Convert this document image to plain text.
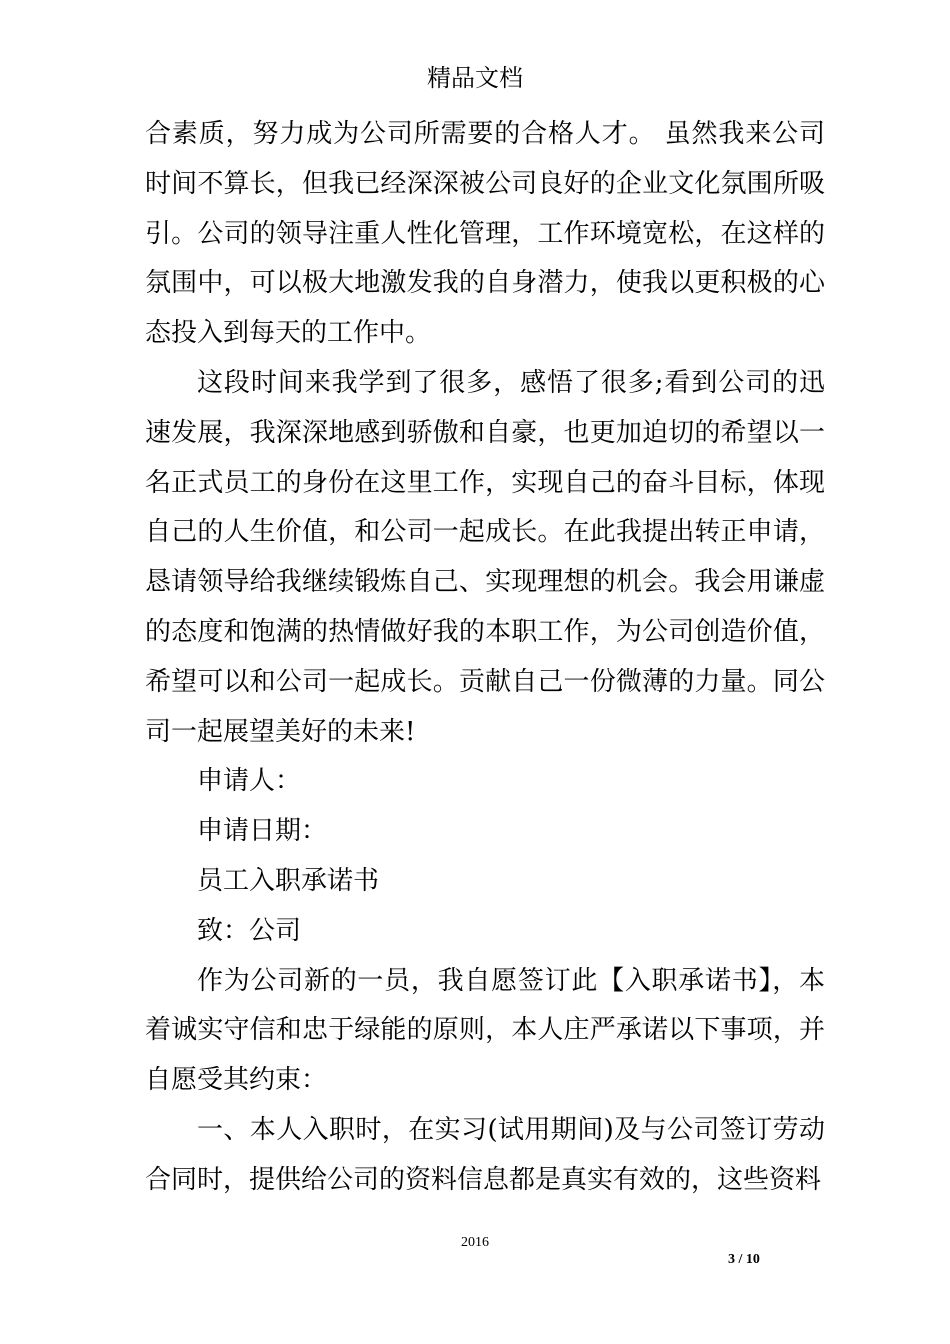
精品文档

合素质，努力成为公司所需要的合格人才。 虽然我来公司时间不算长，但我已经深深被公司良好的企业文化氛围所吸引。公司的领导注重人性化管理，工作环境宽松，在这样的氛围中，可以极大地激发我的自身潜力，使我以更积极的心态投入到每天的工作中。

这段时间来我学到了很多，感悟了很多;看到公司的迅速发展，我深深地感到骄傲和自豪，也更加迫切的希望以一名正式员工的身份在这里工作，实现自己的奋斗目标，体现自己的人生价值，和公司一起成长。在此我提出转正申请，恳请领导给我继续锻炼自己、实现理想的机会。我会用谦虚的态度和饱满的热情做好我的本职工作，为公司创造价值，希望可以和公司一起成长。贡献自己一份微薄的力量。同公司一起展望美好的未来!

申请人：

申请日期：

员工入职承诺书

致：公司

作为公司新的一员，我自愿签订此【入职承诺书】，本着诚实守信和忠于绿能的原则，本人庄严承诺以下事项，并自愿受其约束：

一、本人入职时，在实习(试用期间)及与公司签订劳动合同时，提供给公司的资料信息都是真实有效的，这些资料

2016
3 / 10
